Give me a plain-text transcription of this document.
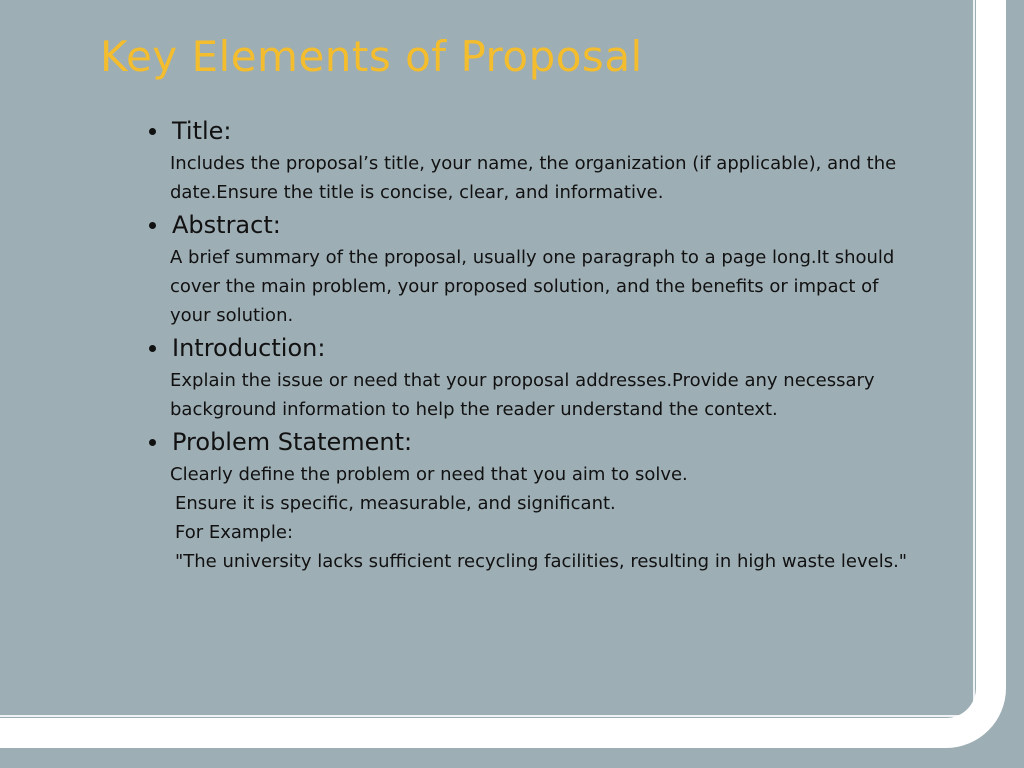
Key Elements of Proposal
Title:
Includes the proposal’s title, your name, the organization (if applicable), and the
date.Ensure the title is concise, clear, and informative.
Abstract:
A brief summary of the proposal, usually one paragraph to a page long.It should
cover the main problem, your proposed solution, and the benefits or impact of
your solution.
Introduction:
Explain the issue or need that your proposal addresses.Provide any necessary
background information to help the reader understand the context.
Problem Statement:
Clearly define the problem or need that you aim to solve.
Ensure it is specific, measurable, and significant.
For Example:
"The university lacks sufficient recycling facilities, resulting in high waste levels."
